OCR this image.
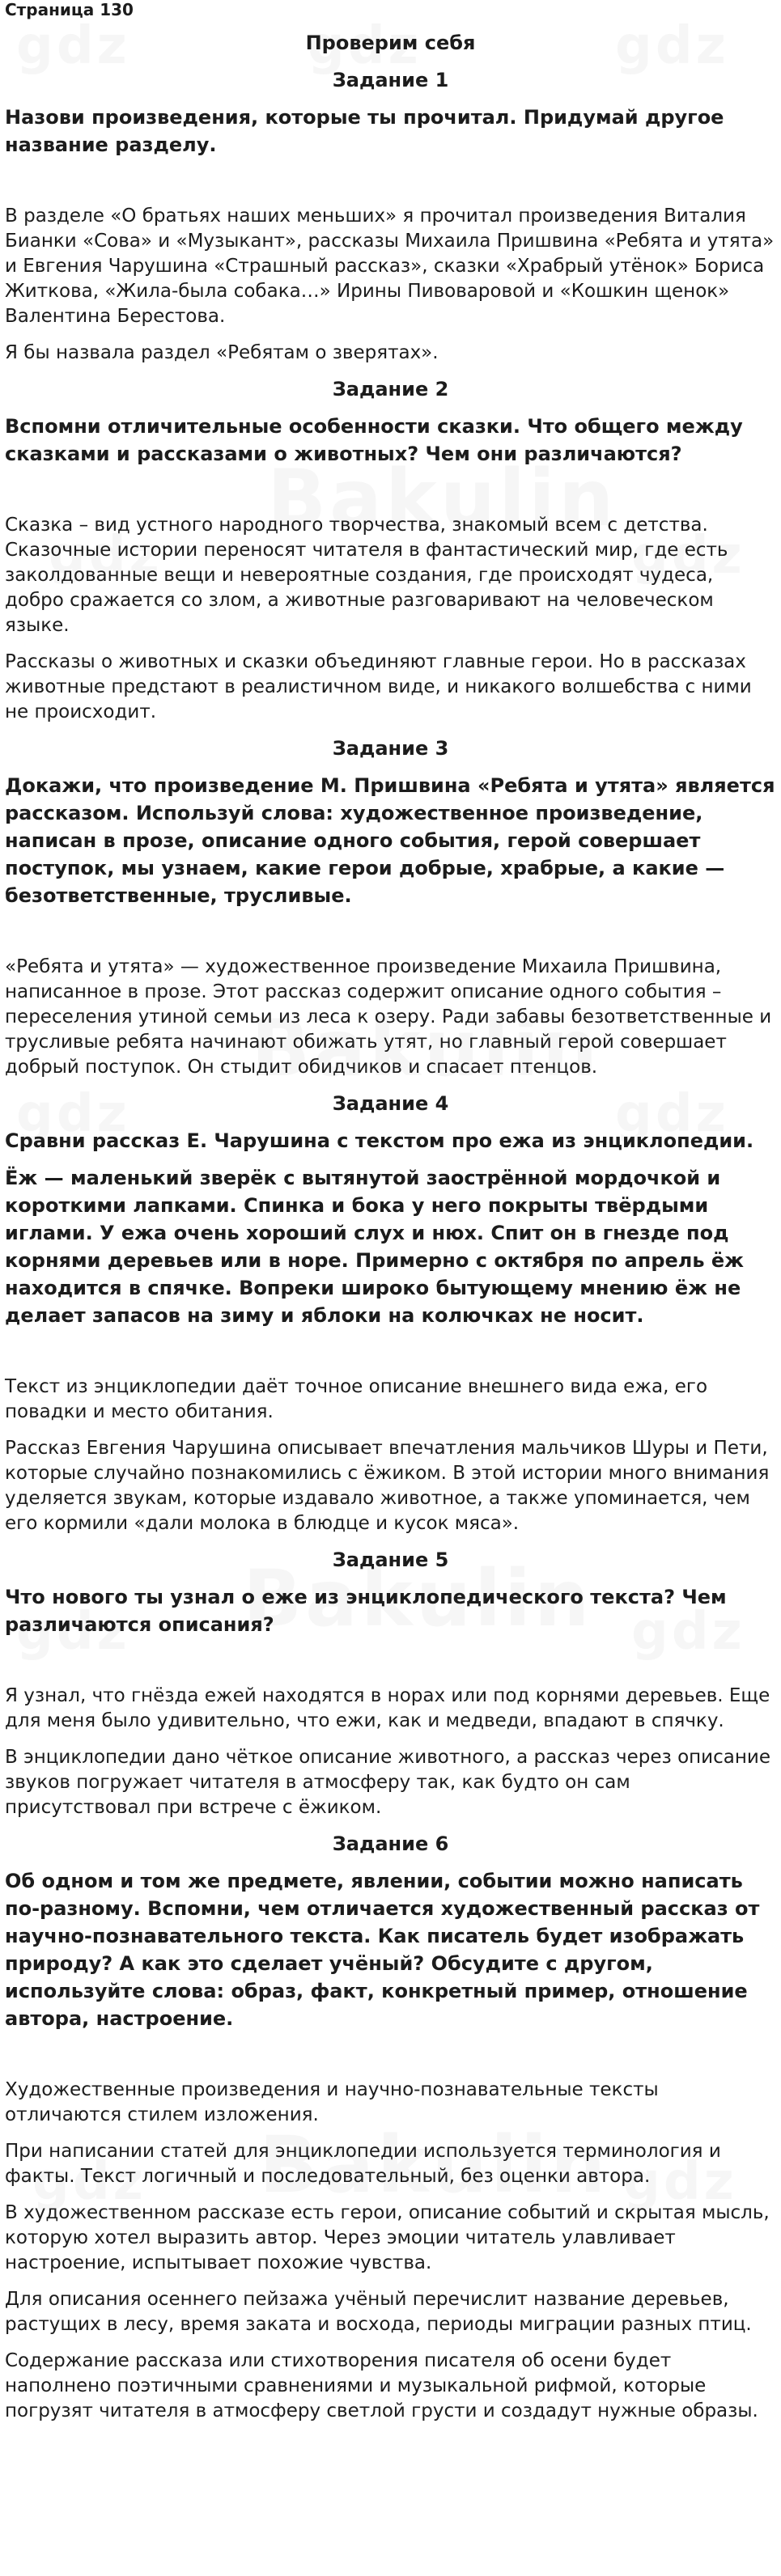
Страница 130
Проверим себя
Задание 1
Назови произведения, которые ты прочитал. Придумай другое название разделу.

В разделе «О братьях наших меньших» я прочитал произведения Виталия Бианки «Сова» и «Музыкант», рассказы Михаила Пришвина «Ребята и утята» и Евгения Чарушина «Страшный рассказ», сказки «Храбрый утёнок» Бориса Житкова, «Жила-была собака…» Ирины Пивоваровой и «Кошкин щенок» Валентина Берестова.

Я бы назвала раздел «Ребятам о зверятах».

Задание 2
Вспомни отличительные особенности сказки. Что общего между сказками и рассказами о животных? Чем они различаются?

Сказка – вид устного народного творчества, знакомый всем с детства. Сказочные истории переносят читателя в фантастический мир, где есть заколдованные вещи и невероятные создания, где происходят чудеса, добро сражается со злом, а животные разговаривают на человеческом языке.

Рассказы о животных и сказки объединяют главные герои. Но в рассказах животные предстают в реалистичном виде, и никакого волшебства с ними не происходит.

Задание 3
Докажи, что произведение М. Пришвина «Ребята и утята» является рассказом. Используй слова: художественное произведение, написан в прозе, описание одного события, герой совершает поступок, мы узнаем, какие герои добрые, храбрые, а какие — безответственные, трусливые.

«Ребята и утята» — художественное произведение Михаила Пришвина, написанное в прозе. Этот рассказ содержит описание одного события – переселения утиной семьи из леса к озеру. Ради забавы безответственные и трусливые ребята начинают обижать утят, но главный герой совершает добрый поступок. Он стыдит обидчиков и спасает птенцов.

Задание 4
Сравни рассказ Е. Чарушина с текстом про ежа из энциклопедии.
Ёж — маленький зверёк с вытянутой заострённой мордочкой и короткими лапками. Спинка и бока у него покрыты твёрдыми иглами. У ежа очень хороший слух и нюх. Спит он в гнезде под корнями деревьев или в норе. Примерно с октября по апрель ёж находится в спячке. Вопреки широко бытующему мнению ёж не делает запасов на зиму и яблоки на колючках не носит.

Текст из энциклопедии даёт точное описание внешнего вида ежа, его повадки и место обитания.

Рассказ Евгения Чарушина описывает впечатления мальчиков Шуры и Пети, которые случайно познакомились с ёжиком. В этой истории много внимания уделяется звукам, которые издавало животное, а также упоминается, чем его кормили «дали молока в блюдце и кусок мяса».

Задание 5
Что нового ты узнал о еже из энциклопедического текста? Чем различаются описания?

Я узнал, что гнёзда ежей находятся в норах или под корнями деревьев. Еще для меня было удивительно, что ежи, как и медведи, впадают в спячку.

В энциклопедии дано чёткое описание животного, а рассказ через описание звуков погружает читателя в атмосферу так, как будто он сам присутствовал при встрече с ёжиком.

Задание 6
Об одном и том же предмете, явлении, событии можно написать по-разному. Вспомни, чем отличается художественный рассказ от научно-познавательного текста. Как писатель будет изображать природу? А как это сделает учёный? Обсудите с другом, используйте слова: образ, факт, конкретный пример, отношение автора, настроение.

Художественные произведения и научно-познавательные тексты отличаются стилем изложения.

При написании статей для энциклопедии используется терминология и факты. Текст логичный и последовательный, без оценки автора.

В художественном рассказе есть герои, описание событий и скрытая мысль, которую хотел выразить автор. Через эмоции читатель улавливает настроение, испытывает похожие чувства.

Для описания осеннего пейзажа учёный перечислит название деревьев, растущих в лесу, время заката и восхода, периоды миграции разных птиц.

Содержание рассказа или стихотворения писателя об осени будет наполнено поэтичными сравнениями и музыкальной рифмой, которые погрузят читателя в атмосферу светлой грусти и создадут нужные образы.
